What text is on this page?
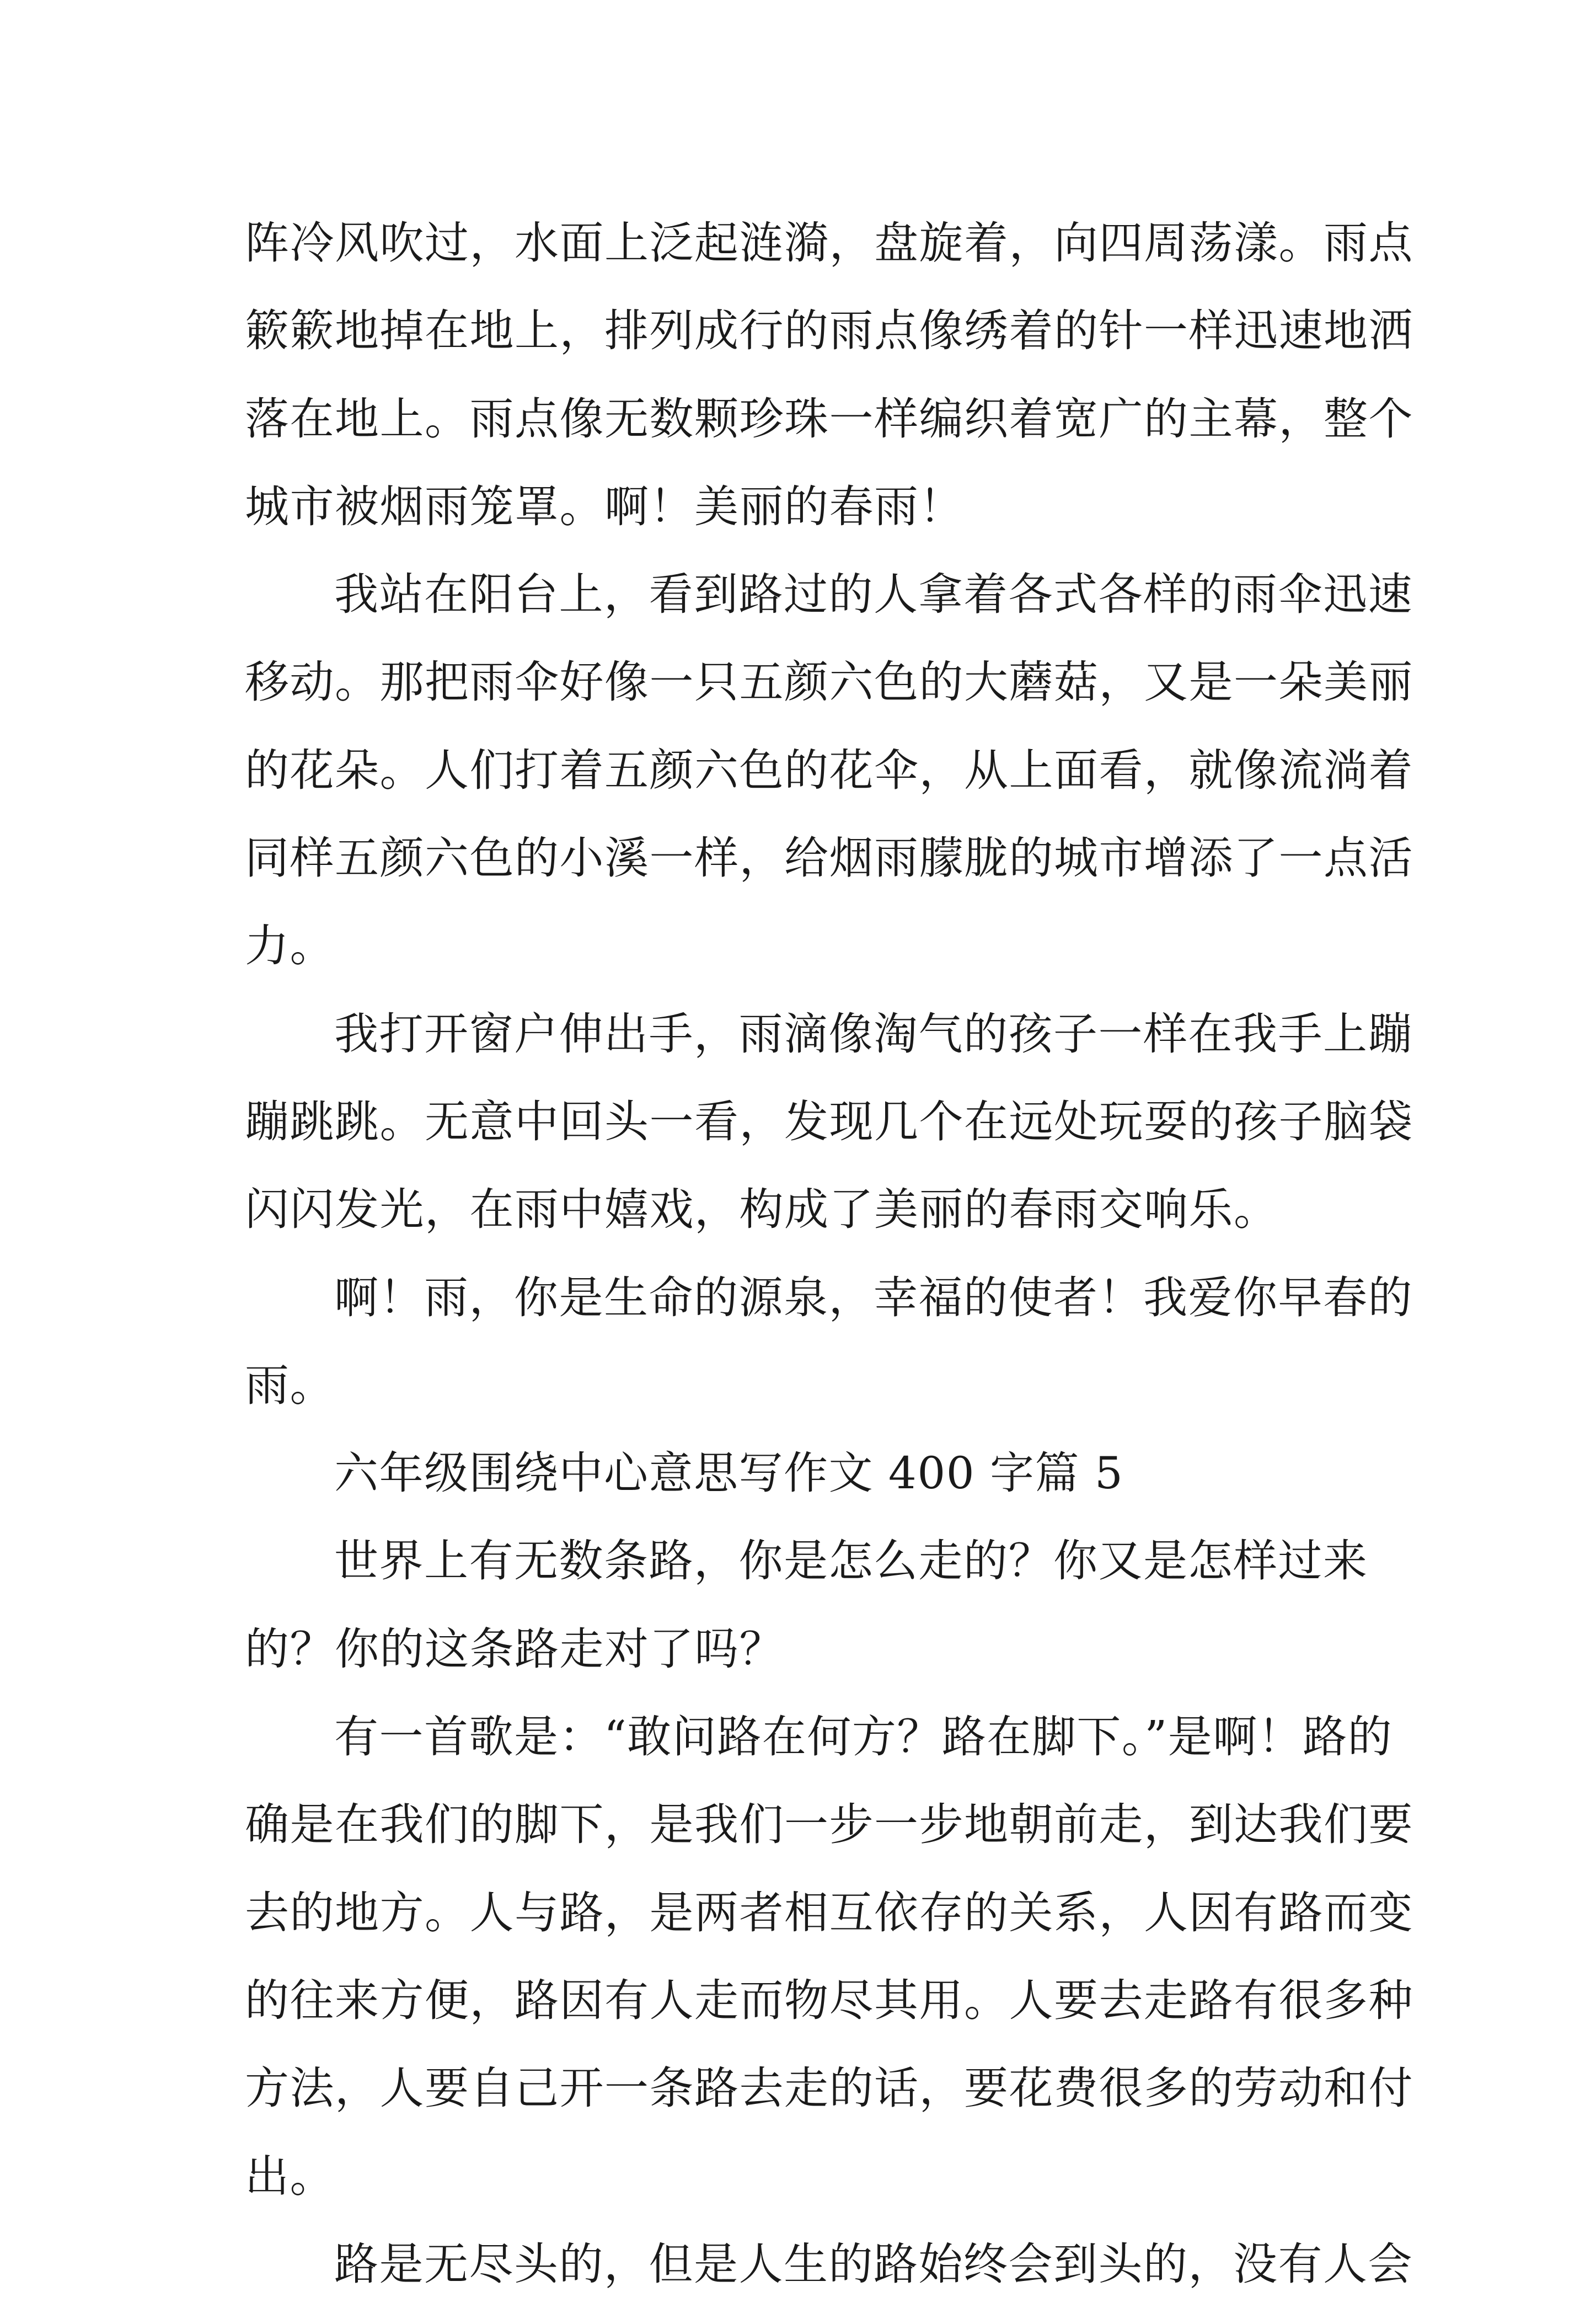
阵冷风吹过，水面上泛起涟漪，盘旋着，向四周荡漾。雨点
簌簌地掉在地上，排列成行的雨点像绣着的针一样迅速地洒
落在地上。雨点像无数颗珍珠一样编织着宽广的主幕，整个
城市被烟雨笼罩。啊！美丽的春雨！
我站在阳台上，看到路过的人拿着各式各样的雨伞迅速
移动。那把雨伞好像一只五颜六色的大蘑菇，又是一朵美丽
的花朵。人们打着五颜六色的花伞，从上面看，就像流淌着
同样五颜六色的小溪一样，给烟雨朦胧的城市增添了一点活
力。
我打开窗户伸出手，雨滴像淘气的孩子一样在我手上蹦
蹦跳跳。无意中回头一看，发现几个在远处玩耍的孩子脑袋
闪闪发光，在雨中嬉戏，构成了美丽的春雨交响乐。
啊！雨，你是生命的源泉，幸福的使者！我爱你早春的
雨。
六年级围绕中心意思写作文 400 字篇 5
世界上有无数条路，你是怎么走的？你又是怎样过来
的？你的这条路走对了吗？
有一首歌是：“敢问路在何方？路在脚下。”是啊！路的
确是在我们的脚下，是我们一步一步地朝前走，到达我们要
去的地方。人与路，是两者相互依存的关系，人因有路而变
的往来方便，路因有人走而物尽其用。人要去走路有很多种
方法，人要自己开一条路去走的话，要花费很多的劳动和付
出。
路是无尽头的，但是人生的路始终会到头的，没有人会
